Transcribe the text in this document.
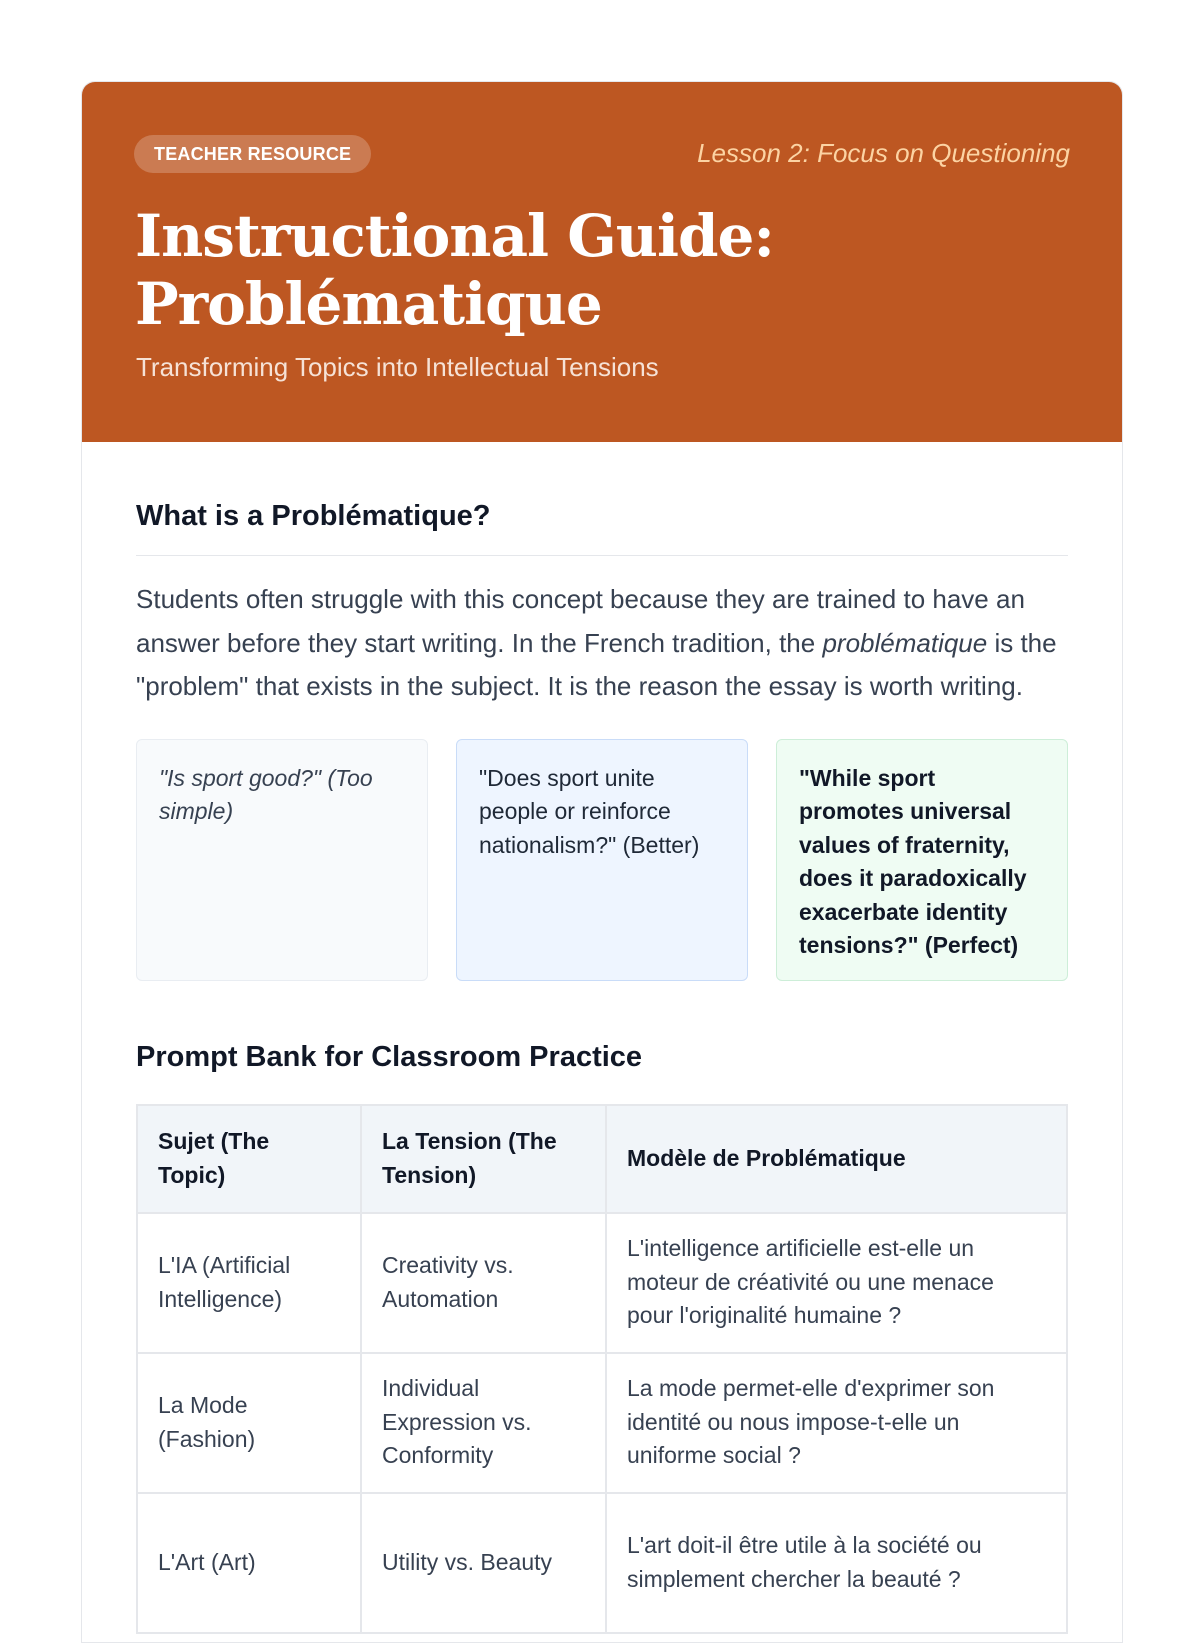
TEACHER RESOURCE	Lesson 2: Focus on Questioning
Instructional Guide:
Problématique
Transforming Topics into Intellectual Tensions
What is a Problématique?

Students often struggle with this concept because they are trained to have an answer before they start writing. In the French tradition, the problématique is the "problem" that exists in the subject. It is the reason the essay is worth writing.

"Is sport good?" (Too simple)
"Does sport unite people or reinforce nationalism?" (Better)
"While sport promotes universal values of fraternity, does it paradoxically exacerbate identity tensions?" (Perfect)
Prompt Bank for Classroom Practice
Sujet (The Topic)	La Tension (The Tension)	Modèle de Problématique
L'IA (Artificial Intelligence)	Creativity vs. Automation	L'intelligence artificielle est-elle un moteur de créativité ou une menace pour l'originalité humaine ?
La Mode (Fashion)	Individual Expression vs. Conformity	La mode permet-elle d'exprimer son identité ou nous impose-t-elle un uniforme social ?
L'Art (Art)	Utility vs. Beauty	L'art doit-il être utile à la société ou simplement chercher la beauté ?
